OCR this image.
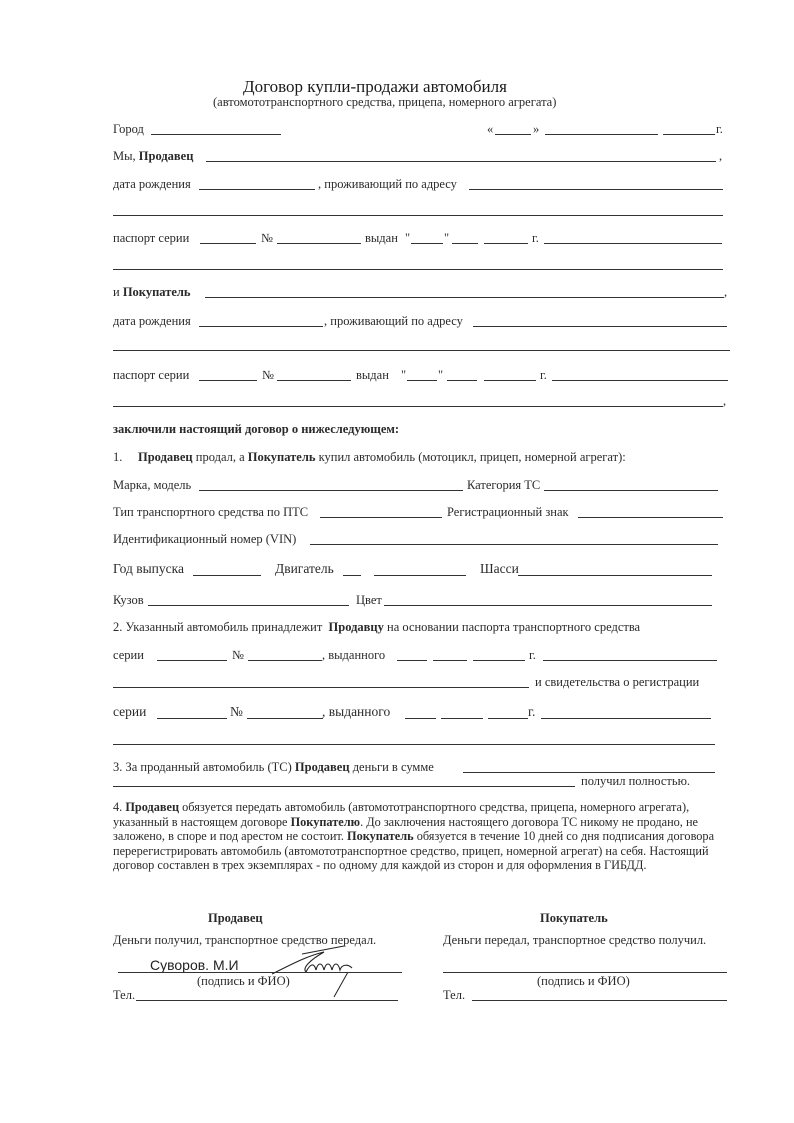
Договор купли-продажи автомобиля
(автомототранспортного средства, прицепа, номерного агрегата)
Город	«	»	г.
Мы, Продавец	,
дата рождения	, проживающий по адресу
паспорт серии	№	выдан "	"	г.
и Покупатель	,
дата рождения	, проживающий по адресу
паспорт серии	№	выдан "	"	г.
,
заключили настоящий договор о нижеследующем:
1. Продавец продал, а Покупатель купил автомобиль (мотоцикл, прицеп, номерной агрегат):
Марка, модель	Категория ТС
Тип транспортного средства по ПТС	Регистрационный знак
Идентификационный номер (VIN)
Год выпуска	Двигатель	Шасси
Кузов	Цвет
2. Указанный автомобиль принадлежит Продавцу на основании паспорта транспортного средства
серии	№	, выданного	г.
и свидетельства о регистрации
серии	№	, выданного	г.
3. За проданный автомобиль (ТС) Продавец деньги в сумме
получил полностью.
4. Продавец обязуется передать автомобиль (автомототранспортного средства, прицепа, номерного агрегата), указанный в настоящем договоре Покупателю. До заключения настоящего договора ТС никому не продано, не заложено, в споре и под арестом не состоит. Покупатель обязуется в течение 10 дней со дня подписания договора перерегистрировать автомобиль (автомототранспортное средство, прицеп, номерной агрегат) на себя. Настоящий договор составлен в трех экземплярах - по одному для каждой из сторон и для оформления в ГИБДД.
Продавец
Деньги получил, транспортное средство передал.
Суворов. М.И
(подпись и ФИО)
Тел.
Покупатель
Деньги передал, транспортное средство получил.
(подпись и ФИО)
Тел.
